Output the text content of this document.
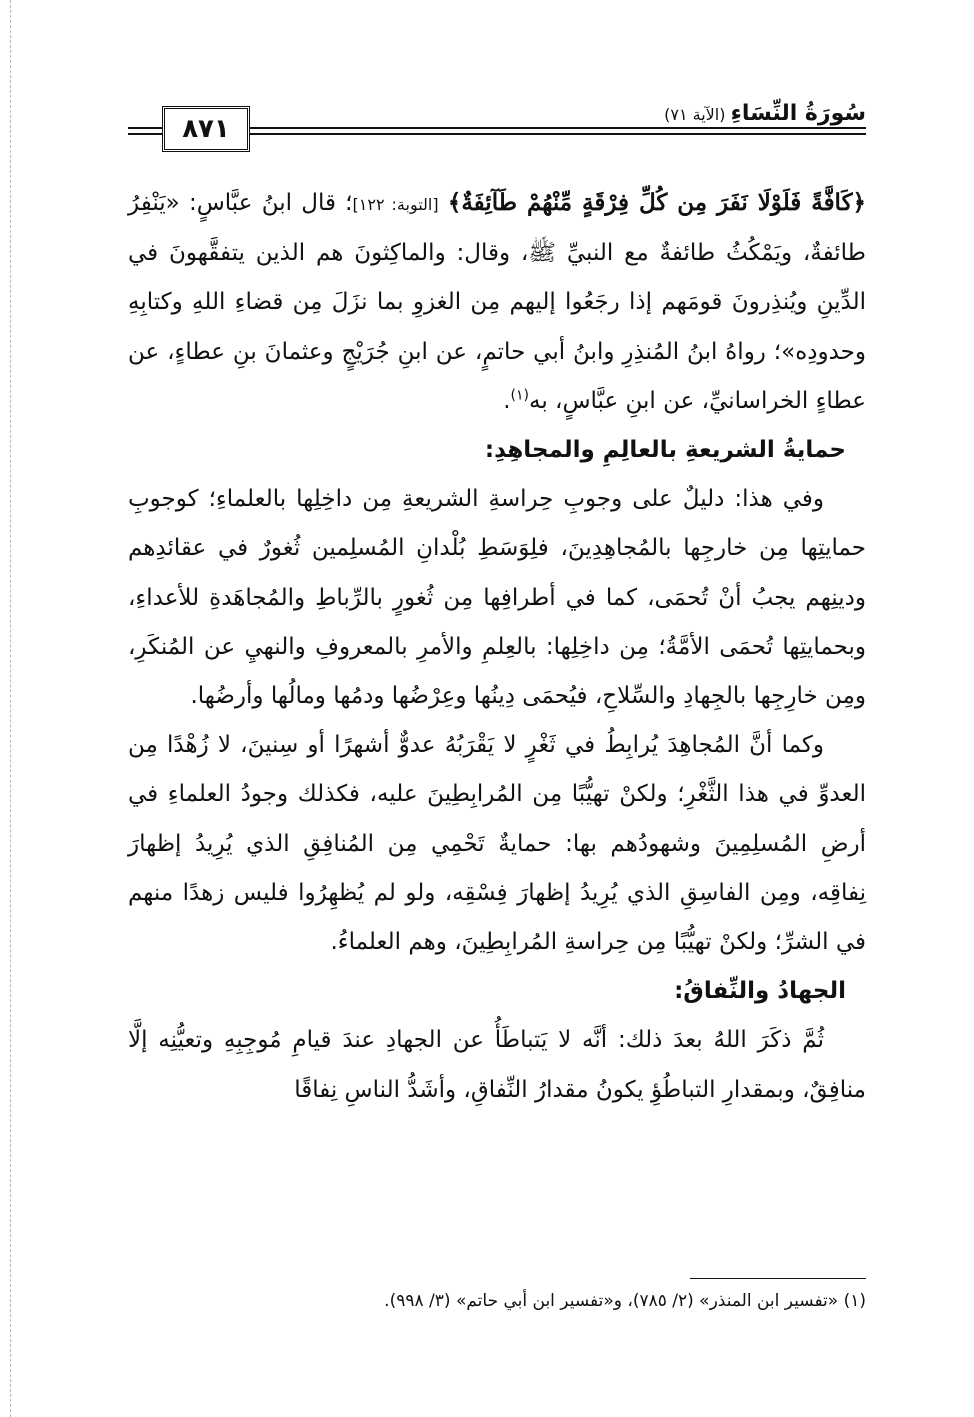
٨٧١
سُورَةُ النِّسَاءِ (الآية ٧١)

﴿كَافَّةً فَلَوْلَا نَفَرَ مِن كُلِّ فِرْقَةٍ مِّنْهُمْ طَآئِفَةٌ﴾ [التوبة: ١٢٢]؛ قال ابنُ عبَّاسٍ: «يَنْفِرُ طائفةٌ، ويَمْكُثُ طائفةٌ مع النبيِّ ﷺ، وقال: والماكِثونَ هم الذين يتفقَّهونَ في الدِّينِ ويُنذِرونَ قومَهم إذا رجَعُوا إليهم مِن الغزوِ بما نزَلَ مِن قضاءِ اللهِ وكتابِهِ وحدودِه»؛ رواهُ ابنُ المُنذِرِ وابنُ أبي حاتمٍ، عن ابنِ جُرَيْجٍ وعثمانَ بنِ عطاءٍ، عن عطاءٍ الخراسانيِّ، عن ابنِ عبَّاسٍ، به$^{(١)}$.

حمايةُ الشريعةِ بالعالِمِ والمجاهِدِ:

وفي هذا: دليلٌ على وجوبِ حِراسةِ الشريعةِ مِن داخِلِها بالعلماءِ؛ كوجوبِ حمايتِها مِن خارجِها بالمُجاهِدِينَ، فلِوَسَطِ بُلْدانِ المُسلِمين ثُغورٌ في عقائدِهم ودينِهم يجبُ أنْ تُحمَى، كما في أطرافِها مِن ثُغورٍ بالرِّباطِ والمُجاهَدةِ للأعداءِ، وبحمايتِها تُحمَى الأمَّةُ؛ مِن داخِلِها: بالعِلمِ والأمرِ بالمعروفِ والنهيِ عن المُنكَرِ، ومِن خارِجِها بالجِهادِ والسِّلاحِ، فيُحمَى دِينُها وعِرْضُها ودمُها ومالُها وأرضُها.

وكما أنَّ المُجاهِدَ يُرابِطُ في ثَغْرٍ لا يَقْرَبُهُ عدوٌّ أشهرًا أو سِنينَ، لا زُهْدًا مِن العدوِّ في هذا الثَّغْرِ؛ ولكنْ تهيُّبًا مِن المُرابِطِينَ عليه، فكذلك وجودُ العلماءِ في أرضِ المُسلِمِينَ وشهودُهم بها: حمايةٌ تَحْمِي مِن المُنافِقِ الذي يُرِيدُ إظهارَ نِفاقِه، ومِن الفاسِقِ الذي يُرِيدُ إظهارَ فِسْقِه، ولو لم يُظهِرُوا فليس زهدًا منهم في الشرِّ؛ ولكنْ تهيُّبًا مِن حِراسةِ المُرابِطِينَ، وهم العلماءُ.

الجهادُ والنِّفاقُ:

ثُمَّ ذكَرَ اللهُ بعدَ ذلك: أنَّه لا يَتباطَأُ عن الجهادِ عندَ قيامِ مُوجِبِهِ وتعيُّنِه إلَّا منافِقٌ، وبمقدارِ التباطُؤِ يكونُ مقدارُ النِّفاقِ، وأشَدُّ الناسِ نِفاقًا

(١) «تفسير ابن المنذر» (٢/ ٧٨٥)، و«تفسير ابن أبي حاتم» (٣/ ٩٩٨).
